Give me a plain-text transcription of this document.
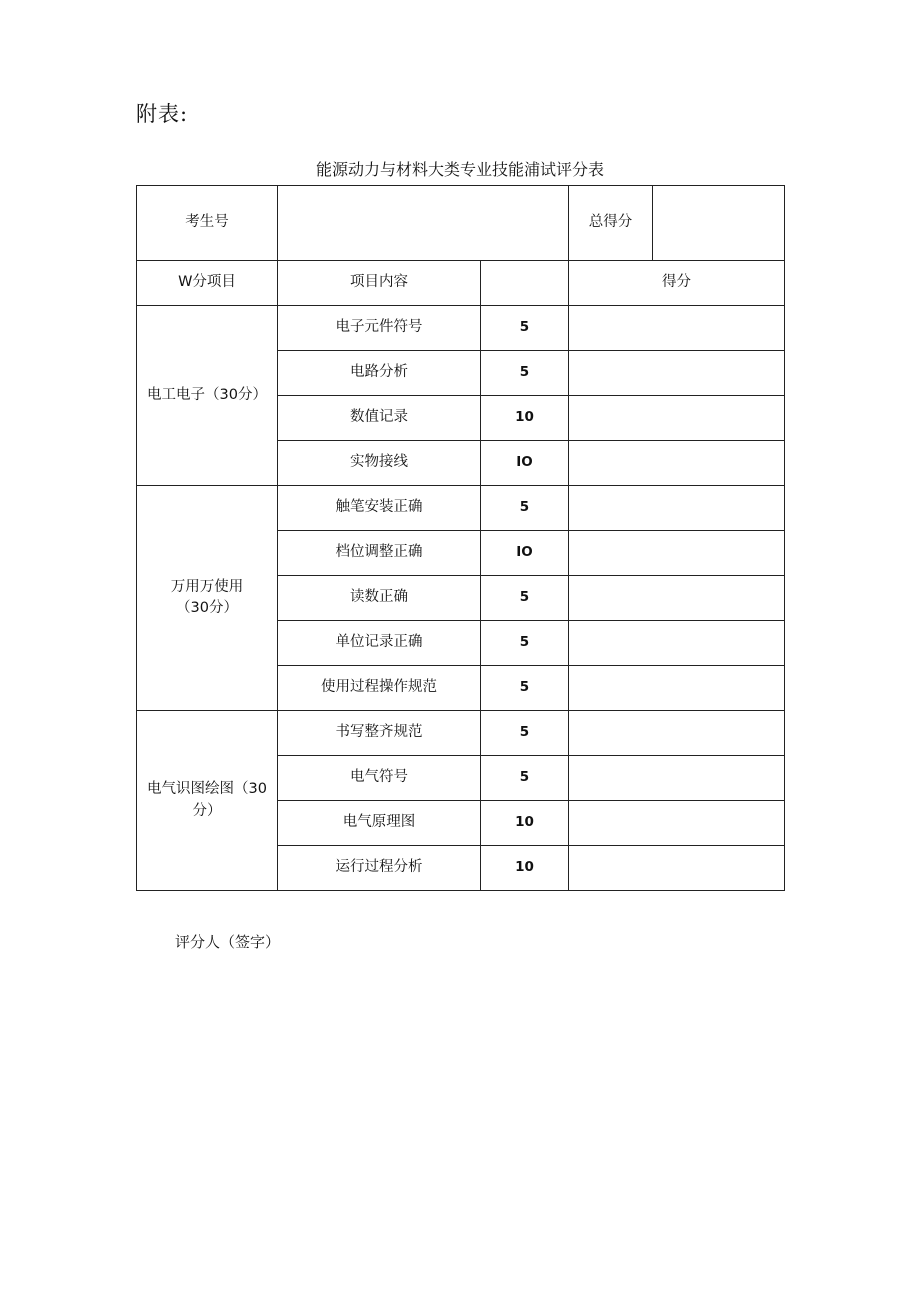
附表:
能源动力与材料大类专业技能浦试评分表
考生号			总得分	
W分项目	项目内容		得分	
电工电子（30分）	电子元件符号	5		
	电路分析	5		
	数值记录	10		
	实物接线	IO		
万用万使用
（30分）	触笔安装正确	5		
	档位调整正确	IO		
	读数正确	5		
	单位记录正确	5		
	使用过程操作规范	5		
电气识图绘图（30
分）	书写整齐规范	5		
	电气符号	5		
	电气原理图	10		
	运行过程分析	10		
评分人（签字）
